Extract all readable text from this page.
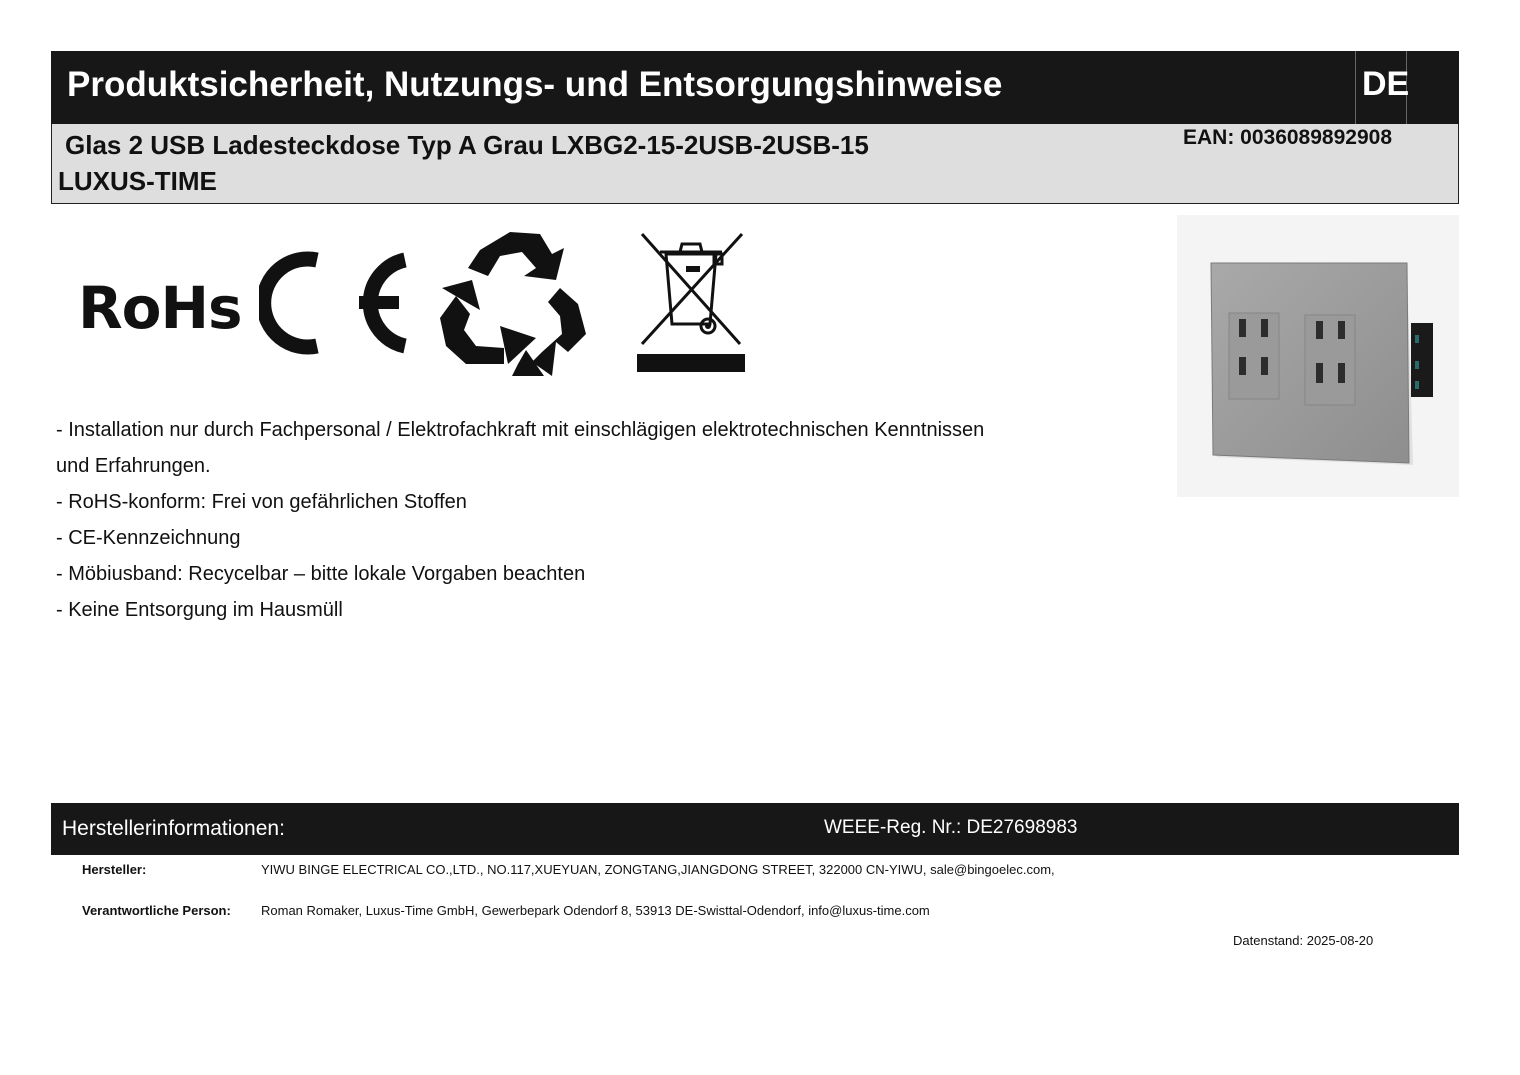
Produktsicherheit, Nutzungs- und Entsorgungshinweise	DE
Glas 2 USB Ladesteckdose Typ A Grau LXBG2-15-2USB-2USB-15
LUXUS-TIME
EAN: 0036089892908
RoHs
- Installation nur durch Fachpersonal / Elektrofachkraft mit einschlägigen elektrotechnischen Kenntnissen
und Erfahrungen.
- RoHS-konform: Frei von gefährlichen Stoffen
- CE-Kennzeichnung
- Möbiusband: Recycelbar – bitte lokale Vorgaben beachten
- Keine Entsorgung im Hausmüll
Herstellerinformationen:	WEEE-Reg. Nr.: DE27698983
Hersteller:	YIWU BINGE ELECTRICAL CO.,LTD., NO.117,XUEYUAN, ZONGTANG,JIANGDONG STREET, 322000 CN-YIWU, sale@bingoelec.com,
Verantwortliche Person: Roman Romaker, Luxus-Time GmbH, Gewerbepark Odendorf 8, 53913 DE-Swisttal-Odendorf, info@luxus-time.com
Datenstand: 2025-08-20
